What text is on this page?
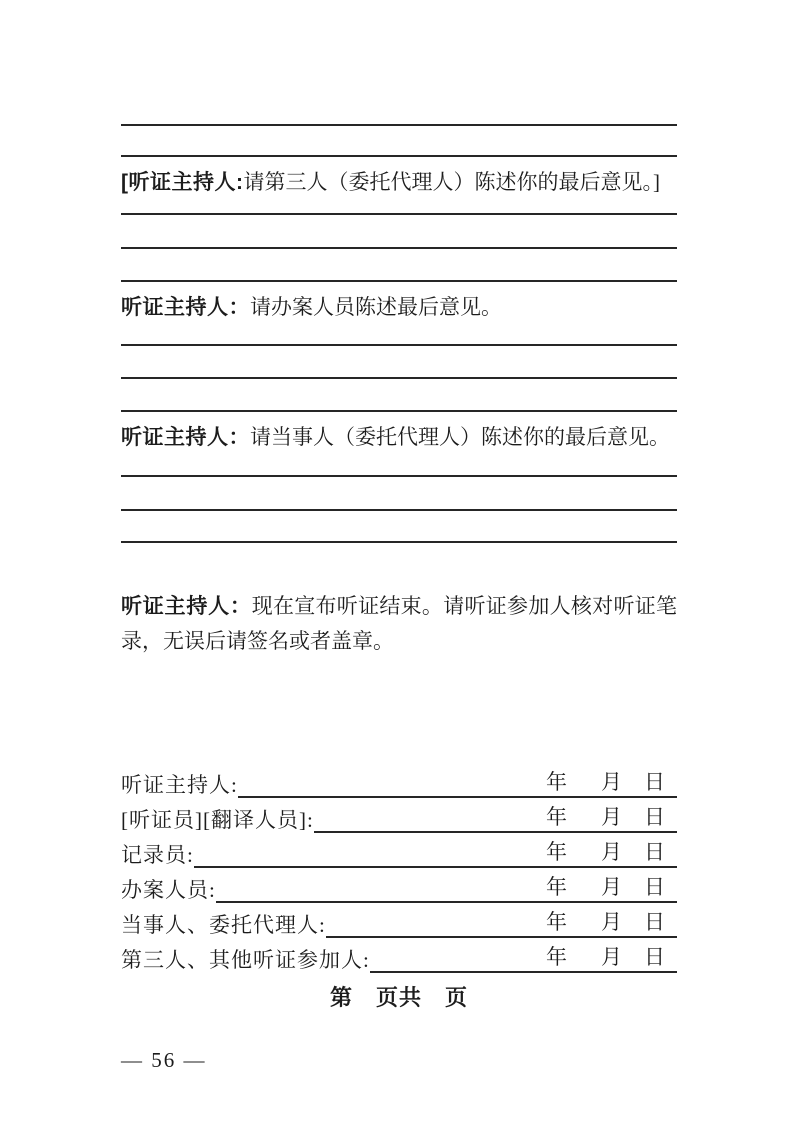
[听证主持人: 请第三人（委托代理人）陈述你的最后意见。]
听证主持人： 请办案人员陈述最后意见。
听证主持人： 请当事人（委托代理人）陈述你的最后意见。
听证主持人：现在宣布听证结束。请听证参加人核对听证笔录，无误后请签名或者盖章。
听证主持人:	年 月 日
[听证员][翻译人员]:	年 月 日
记录员:	年 月 日
办案人员:	年 月 日
当事人、委托代理人:	年 月 日
第三人、其他听证参加人:	年 月 日
第　页共　页
— 56 —
